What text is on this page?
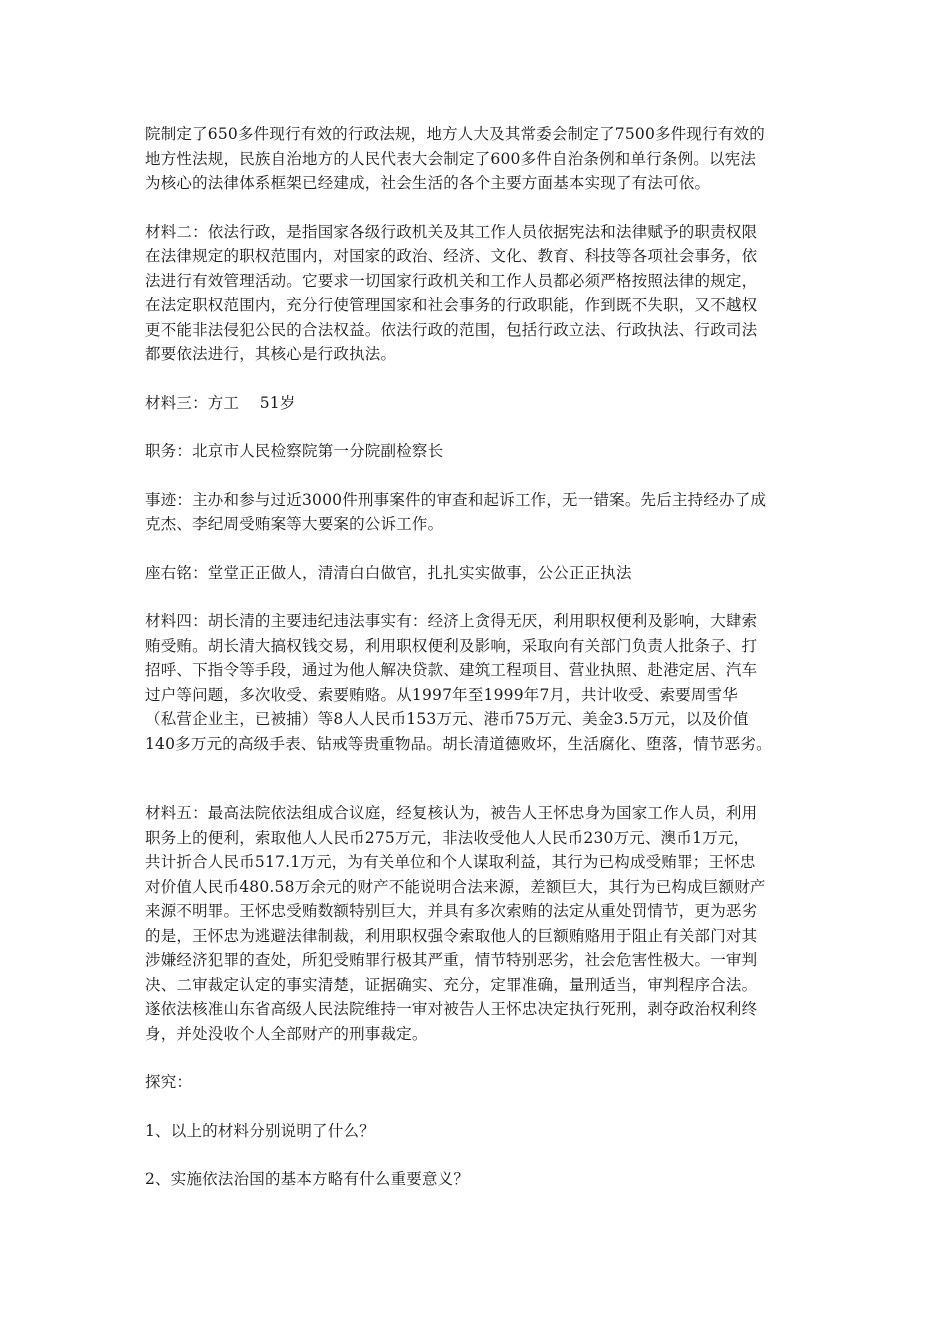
院制定了650多件现行有效的行政法规，地方人大及其常委会制定了7500多件现行有效的
地方性法规，民族自治地方的人民代表大会制定了600多件自治条例和单行条例。以宪法
为核心的法律体系框架已经建成，社会生活的各个主要方面基本实现了有法可依。

材料二：依法行政，是指国家各级行政机关及其工作人员依据宪法和法律赋予的职责权限
在法律规定的职权范围内，对国家的政治、经济、文化、教育、科技等各项社会事务，依
法进行有效管理活动。它要求一切国家行政机关和工作人员都必须严格按照法律的规定，
在法定职权范围内，充分行使管理国家和社会事务的行政职能，作到既不失职，又不越权
更不能非法侵犯公民的合法权益。依法行政的范围，包括行政立法、行政执法、行政司法
都要依法进行，其核心是行政执法。

材料三：方工    51岁

职务：北京市人民检察院第一分院副检察长

事迹：主办和参与过近3000件刑事案件的审查和起诉工作，无一错案。先后主持经办了成
克杰、李纪周受贿案等大要案的公诉工作。

座右铭：堂堂正正做人，清清白白做官，扎扎实实做事，公公正正执法

材料四：胡长清的主要违纪违法事实有：经济上贪得无厌，利用职权便利及影响，大肆索
贿受贿。胡长清大搞权钱交易，利用职权便利及影响，采取向有关部门负责人批条子、打
招呼、下指令等手段，通过为他人解决贷款、建筑工程项目、营业执照、赴港定居、汽车
过户等问题，多次收受、索要贿赂。从1997年至1999年7月，共计收受、索要周雪华
（私营企业主，已被捕）等8人人民币153万元、港币75万元、美金3.5万元，以及价值
140多万元的高级手表、钻戒等贵重物品。胡长清道德败坏，生活腐化、堕落，情节恶劣。

材料五：最高法院依法组成合议庭，经复核认为，被告人王怀忠身为国家工作人员，利用
职务上的便利，索取他人人民币275万元，非法收受他人人民币230万元、澳币1万元，
共计折合人民币517.1万元，为有关单位和个人谋取利益，其行为已构成受贿罪；王怀忠
对价值人民币480.58万余元的财产不能说明合法来源，差额巨大，其行为已构成巨额财产
来源不明罪。王怀忠受贿数额特别巨大，并具有多次索贿的法定从重处罚情节，更为恶劣
的是，王怀忠为逃避法律制裁，利用职权强令索取他人的巨额贿赂用于阻止有关部门对其
涉嫌经济犯罪的查处，所犯受贿罪行极其严重，情节特别恶劣，社会危害性极大。一审判
决、二审裁定认定的事实清楚，证据确实、充分，定罪准确，量刑适当，审判程序合法。
遂依法核准山东省高级人民法院维持一审对被告人王怀忠决定执行死刑，剥夺政治权利终
身，并处没收个人全部财产的刑事裁定。

探究：

1、以上的材料分别说明了什么？

2、实施依法治国的基本方略有什么重要意义？
